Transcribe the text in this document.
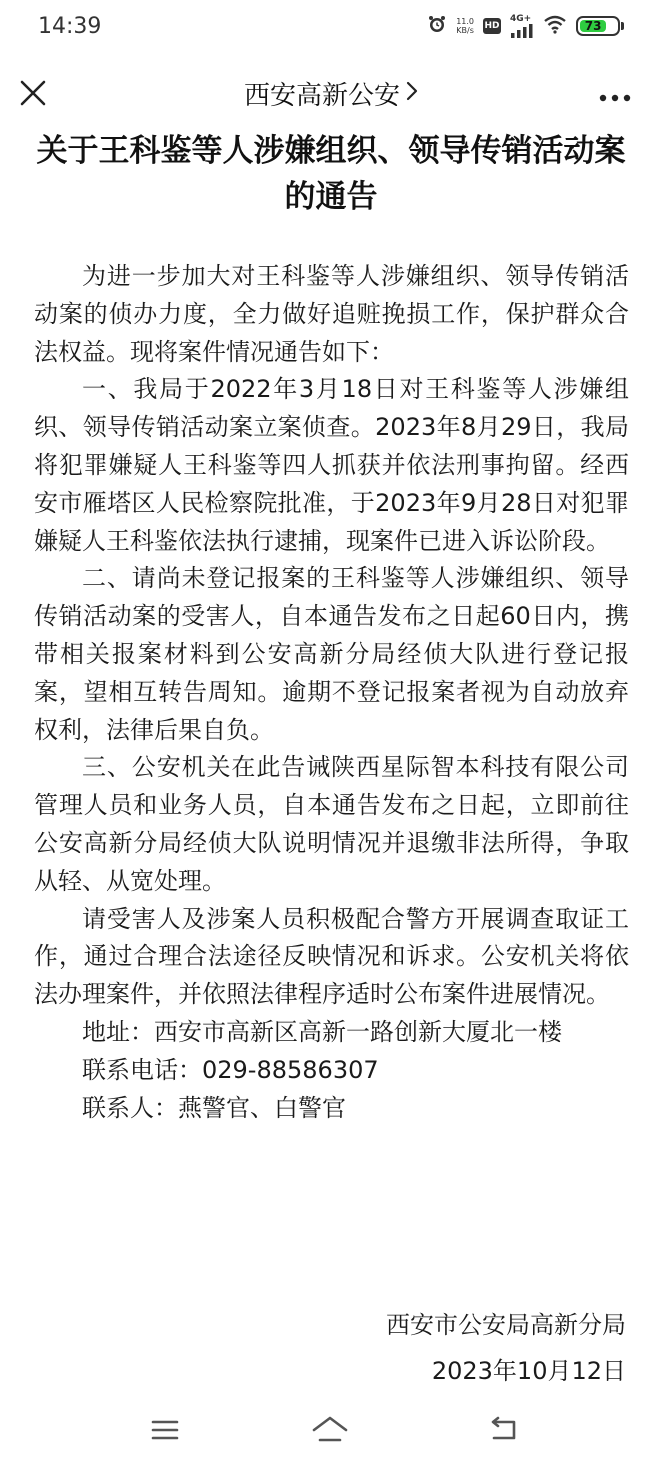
14:39	11.0
KB/s HD
4G+
73
西安高新公安
关于王科鉴等人涉嫌组织、领导传销活动案的通告

为进一步加大对王科鉴等人涉嫌组织、领导传销活动案的侦办力度，全力做好追赃挽损工作，保护群众合法权益。现将案件情况通告如下：

一、我局于2022年3月18日对王科鉴等人涉嫌组织、领导传销活动案立案侦查。2023年8月29日，我局将犯罪嫌疑人王科鉴等四人抓获并依法刑事拘留。经西安市雁塔区人民检察院批准，于2023年9月28日对犯罪嫌疑人王科鉴依法执行逮捕，现案件已进入诉讼阶段。

二、请尚未登记报案的王科鉴等人涉嫌组织、领导传销活动案的受害人，自本通告发布之日起60日内，携带相关报案材料到公安高新分局经侦大队进行登记报案，望相互转告周知。逾期不登记报案者视为自动放弃权利，法律后果自负。

三、公安机关在此告诫陕西星际智本科技有限公司管理人员和业务人员，自本通告发布之日起，立即前往公安高新分局经侦大队说明情况并退缴非法所得，争取从轻、从宽处理。

请受害人及涉案人员积极配合警方开展调查取证工作，通过合理合法途径反映情况和诉求。公安机关将依法办理案件，并依照法律程序适时公布案件进展情况。

地址：西安市高新区高新一路创新大厦北一楼

联系电话：029-88586307

联系人：燕警官、白警官

西安市公安局高新分局
2023年10月12日
